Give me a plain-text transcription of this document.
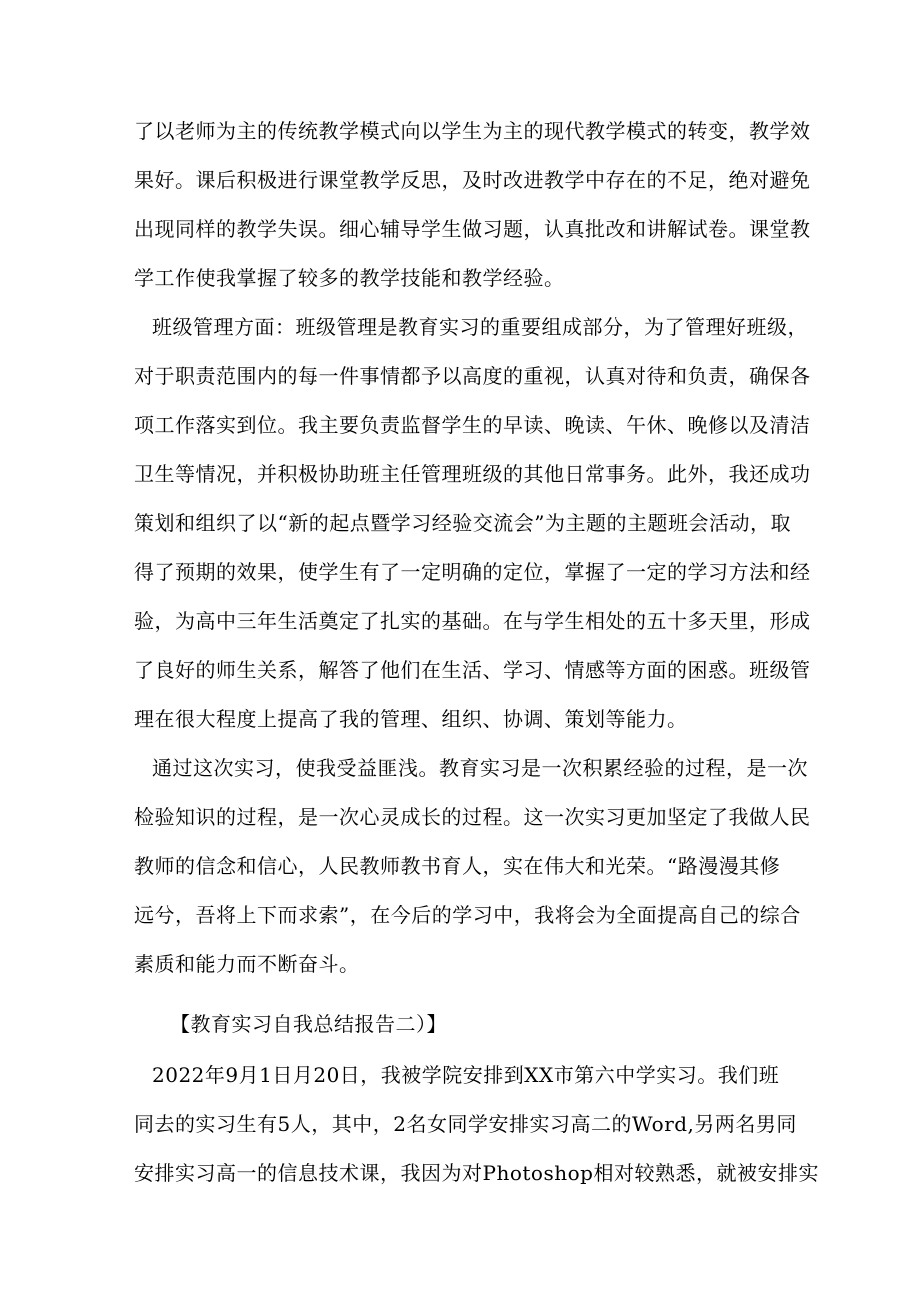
了以老师为主的传统教学模式向以学生为主的现代教学模式的转变，教学效
果好。课后积极进行课堂教学反思，及时改进教学中存在的不足，绝对避免
出现同样的教学失误。细心辅导学生做习题，认真批改和讲解试卷。课堂教
学工作使我掌握了较多的教学技能和教学经验。
班级管理方面：班级管理是教育实习的重要组成部分，为了管理好班级，
对于职责范围内的每一件事情都予以高度的重视，认真对待和负责，确保各
项工作落实到位。我主要负责监督学生的早读、晚读、午休、晚修以及清洁
卫生等情况，并积极协助班主任管理班级的其他日常事务。此外，我还成功
策划和组织了以“新的起点暨学习经验交流会”为主题的主题班会活动，取
得了预期的效果，使学生有了一定明确的定位，掌握了一定的学习方法和经
验，为高中三年生活奠定了扎实的基础。在与学生相处的五十多天里，形成
了良好的师生关系，解答了他们在生活、学习、情感等方面的困惑。班级管
理在很大程度上提高了我的管理、组织、协调、策划等能力。
通过这次实习，使我受益匪浅。教育实习是一次积累经验的过程，是一次
检验知识的过程，是一次心灵成长的过程。这一次实习更加坚定了我做人民
教师的信念和信心，人民教师教书育人，实在伟大和光荣。“路漫漫其修
远兮，吾将上下而求索”，在今后的学习中，我将会为全面提高自己的综合
素质和能力而不断奋斗。
【教育实习自我总结报告二）】
2022年9月1日月20日，我被学院安排到XX市第六中学实习。我们班
同去的实习生有5人，其中，2名女同学安排实习高二的Word,另两名男同
安排实习高一的信息技术课，我因为对Photoshop相对较熟悉，就被安排实
